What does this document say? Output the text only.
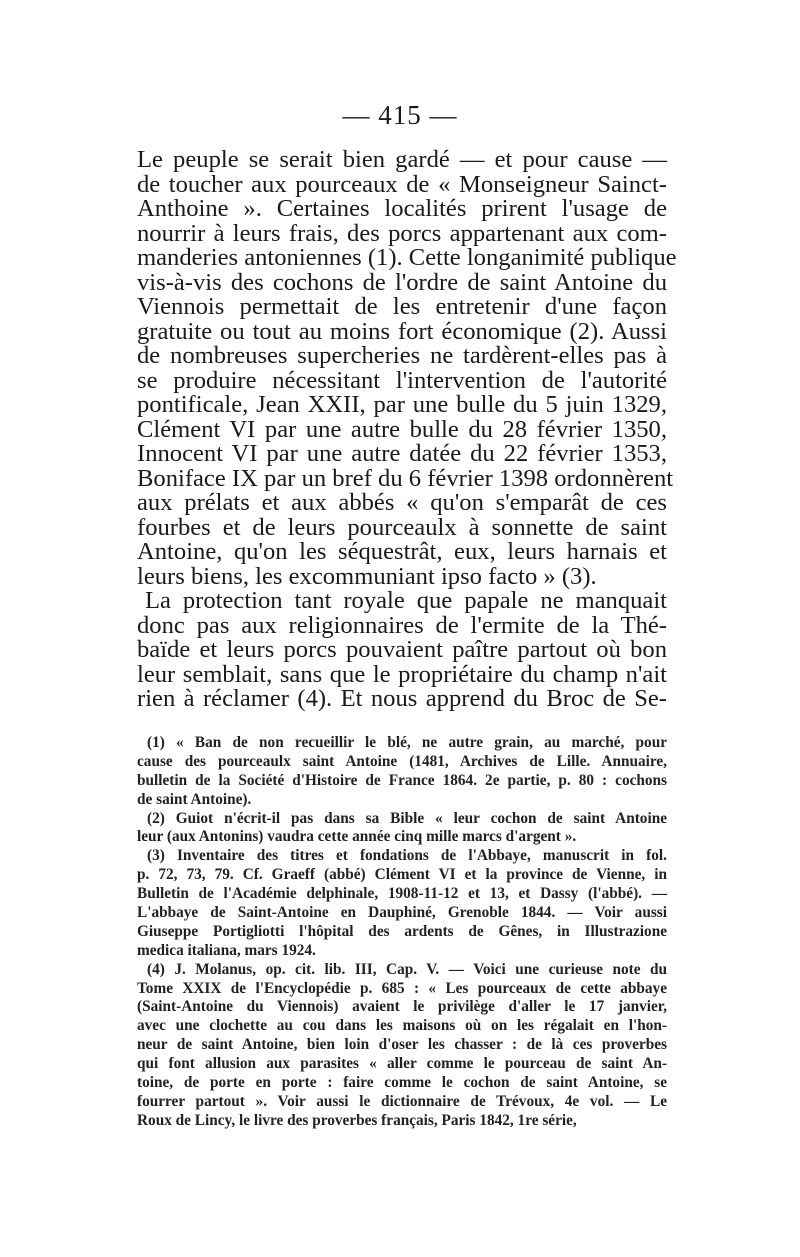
— 415 —
Le peuple se serait bien gardé — et pour cause —
de toucher aux pourceaux de « Monseigneur Sainct-
Anthoine ». Certaines localités prirent l'usage de
nourrir à leurs frais, des porcs appartenant aux com-
manderies antoniennes (1). Cette longanimité publique
vis-à-vis des cochons de l'ordre de saint Antoine du
Viennois permettait de les entretenir d'une façon
gratuite ou tout au moins fort économique (2). Aussi
de nombreuses supercheries ne tardèrent-elles pas à
se produire nécessitant l'intervention de l'autorité
pontificale, Jean XXII, par une bulle du 5 juin 1329,
Clément VI par une autre bulle du 28 février 1350,
Innocent VI par une autre datée du 22 février 1353,
Boniface IX par un bref du 6 février 1398 ordonnèrent
aux prélats et aux abbés « qu'on s'emparât de ces
fourbes et de leurs pourceaulx à sonnette de saint
Antoine, qu'on les séquestrât, eux, leurs harnais et
leurs biens, les excommuniant ipso facto » (3).
La protection tant royale que papale ne manquait
donc pas aux religionnaires de l'ermite de la Thé-
baïde et leurs porcs pouvaient paître partout où bon
leur semblait, sans que le propriétaire du champ n'ait
rien à réclamer (4). Et nous apprend du Broc de Se-
(1) « Ban de non recueillir le blé, ne autre grain, au marché, pour
cause des pourceaulx saint Antoine (1481, Archives de Lille. Annuaire,
bulletin de la Société d'Histoire de France 1864. 2e partie, p. 80 : cochons
de saint Antoine).
(2) Guiot n'écrit-il pas dans sa Bible « leur cochon de saint Antoine
leur (aux Antonins) vaudra cette année cinq mille marcs d'argent ».
(3) Inventaire des titres et fondations de l'Abbaye, manuscrit in fol.
p. 72, 73, 79. Cf. Graeff (abbé) Clément VI et la province de Vienne, in
Bulletin de l'Académie delphinale, 1908-11-12 et 13, et Dassy (l'abbé). —
L'abbaye de Saint-Antoine en Dauphiné, Grenoble 1844. — Voir aussi
Giuseppe Portigliotti l'hôpital des ardents de Gênes, in Illustrazione
medica italiana, mars 1924.
(4) J. Molanus, op. cit. lib. III, Cap. V. — Voici une curieuse note du
Tome XXIX de l'Encyclopédie p. 685 : « Les pourceaux de cette abbaye
(Saint-Antoine du Viennois) avaient le privilège d'aller le 17 janvier,
avec une clochette au cou dans les maisons où on les régalait en l'hon-
neur de saint Antoine, bien loin d'oser les chasser : de là ces proverbes
qui font allusion aux parasites « aller comme le pourceau de saint An-
toine, de porte en porte : faire comme le cochon de saint Antoine, se
fourrer partout ». Voir aussi le dictionnaire de Trévoux, 4e vol. — Le
Roux de Lincy, le livre des proverbes français, Paris 1842, 1re série,
